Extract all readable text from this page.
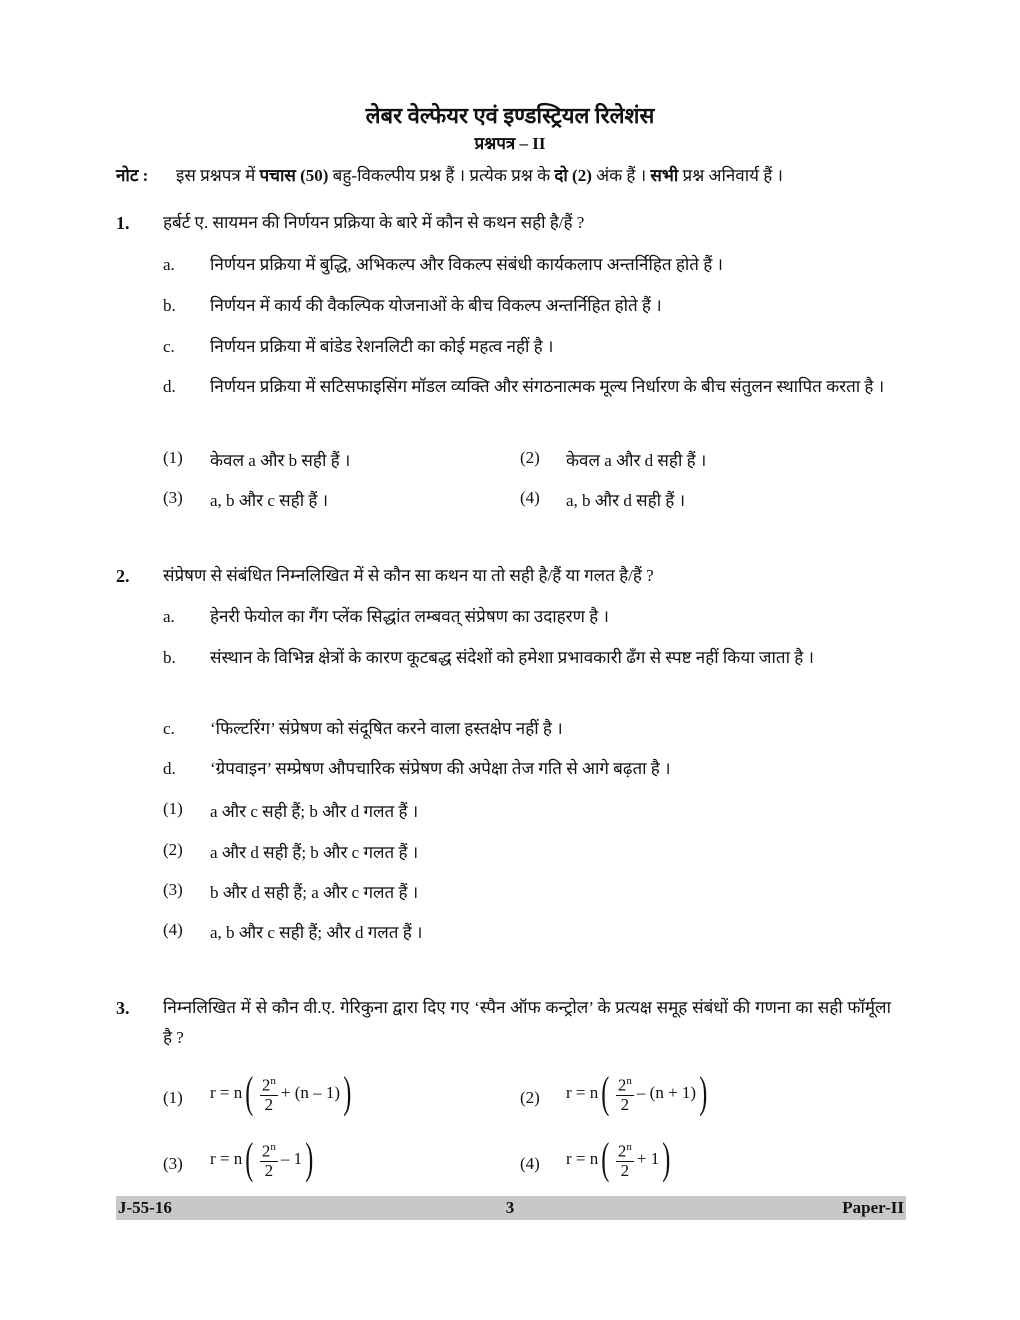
लेबर वेल्फेयर एवं इण्डस्ट्रियल रिलेशंस
प्रश्नपत्र – II
नोट : इस प्रश्नपत्र में पचास (50) बहु-विकल्पीय प्रश्न हैं । प्रत्येक प्रश्न के दो (2) अंक हैं । सभी प्रश्न अनिवार्य हैं ।
1. हर्बर्ट ए. सायमन की निर्णयन प्रक्रिया के बारे में कौन से कथन सही है/हैं ?
a. निर्णयन प्रक्रिया में बुद्धि, अभिकल्प और विकल्प संबंधी कार्यकलाप अन्तर्निहित होते हैं ।
b. निर्णयन में कार्य की वैकल्पिक योजनाओं के बीच विकल्प अन्तर्निहित होते हैं ।
c. निर्णयन प्रक्रिया में बांडेड रेशनलिटी का कोई महत्व नहीं है ।
d. निर्णयन प्रक्रिया में सटिसफाइसिंग मॉडल व्यक्ति और संगठनात्मक मूल्य निर्धारण के बीच संतुलन स्थापित करता है ।
(1) केवल a और b सही हैं ।	(2) केवल a और d सही हैं ।
(3) a, b और c सही हैं ।	(4) a, b और d सही हैं ।
2. संप्रेषण से संबंधित निम्नलिखित में से कौन सा कथन या तो सही है/हैं या गलत है/हैं ?
a. हेनरी फेयोल का गैंग प्लेंक सिद्धांत लम्बवत् संप्रेषण का उदाहरण है ।
b. संस्थान के विभिन्न क्षेत्रों के कारण कूटबद्ध संदेशों को हमेशा प्रभावकारी ढँग से स्पष्ट नहीं किया जाता है ।
c. ‘फिल्टरिंग’ संप्रेषण को संदूषित करने वाला हस्तक्षेप नहीं है ।
d. ‘ग्रेपवाइन’ सम्प्रेषण औपचारिक संप्रेषण की अपेक्षा तेज गति से आगे बढ़ता है ।
(1) a और c सही हैं; b और d गलत हैं ।
(2) a और d सही हैं; b और c गलत हैं ।
(3) b और d सही हैं; a और c गलत हैं ।
(4) a, b और c सही हैं; और d गलत हैं ।
3. निम्नलिखित में से कौन वी.ए. गेरिकुना द्वारा दिए गए ‘स्पैन ऑफ कन्ट्रोल’ के प्रत्यक्ष समूह संबंधों की गणना का सही फॉर्मूला है ?
(1) r = n ( $\frac{2^n}{2} + (n - 1)$ )	(2) r = n ( $\frac{2^n}{2} - (n + 1)$ )
(3) r = n ( $\frac{2^n}{2} - 1$ )	(4) r = n ( $\frac{2^n}{2} + 1$ )
J-55-16	3	Paper-II
